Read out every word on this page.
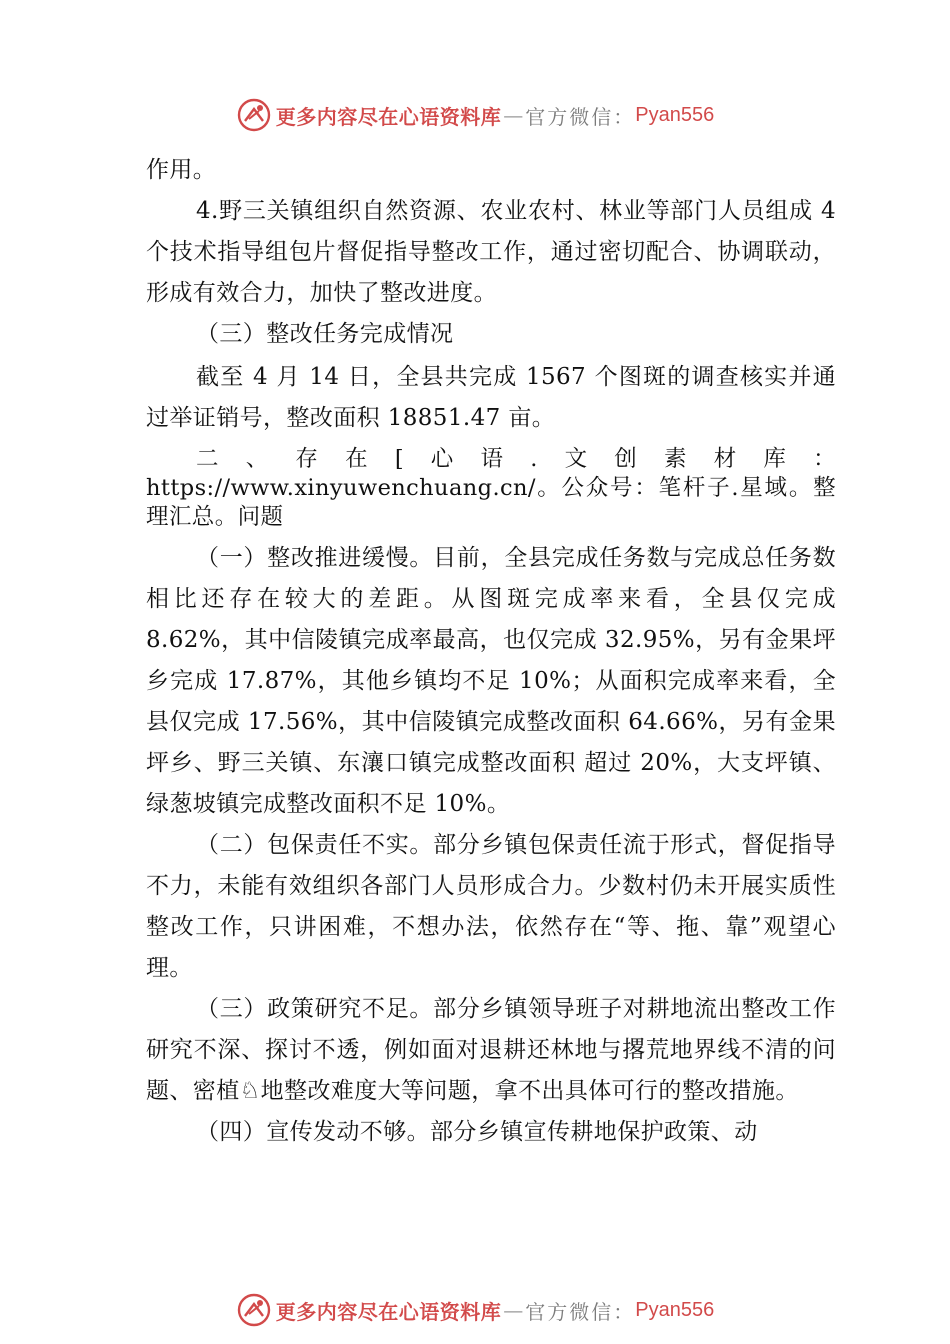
更多内容尽在心语资料库 — 官方微信： Pyan556

作用。

4.野三关镇组织自然资源、农业农村、林业等部门人员组成 4 个技术指导组包片督促指导整改工作，通过密切配合、协调联动，形成有效合力，加快了整改进度。

（三）整改任务完成情况

截至 4 月 14 日，全县共完成 1567 个图斑的调查核实并通过举证销号，整改面积 18851.47 亩。

二、存在[心语.文创素材库：https://www.xinyuwenchuang.cn/。公众号：笔杆子.星域。整理汇总。问题

（一）整改推进缓慢。目前，全县完成任务数与完成总任务数相比还存在较大的差距。从图斑完成率来看，全县仅完成 8.62%，其中信陵镇完成率最高，也仅完成 32.95%，另有金果坪乡完成 17.87%，其他乡镇均不足 10%；从面积完成率来看，全县仅完成 17.56%，其中信陵镇完成整改面积 64.66%，另有金果坪乡、野三关镇、东瀼口镇完成整改面积 超过 20%，大支坪镇、绿葱坡镇完成整改面积不足 10%。

（二）包保责任不实。部分乡镇包保责任流于形式，督促指导不力，未能有效组织各部门人员形成合力。少数村仍未开展实质性整改工作，只讲困难，不想办法，依然存在“等、拖、靠”观望心理。

（三）政策研究不足。部分乡镇领导班子对耕地流出整改工作研究不深、探讨不透，例如面对退耕还林地与撂荒地界线不清的问题、密植♘地整改难度大等问题，拿不出具体可行的整改措施。

（四）宣传发动不够。部分乡镇宣传耕地保护政策、动

更多内容尽在心语资料库 — 官方微信： Pyan556
